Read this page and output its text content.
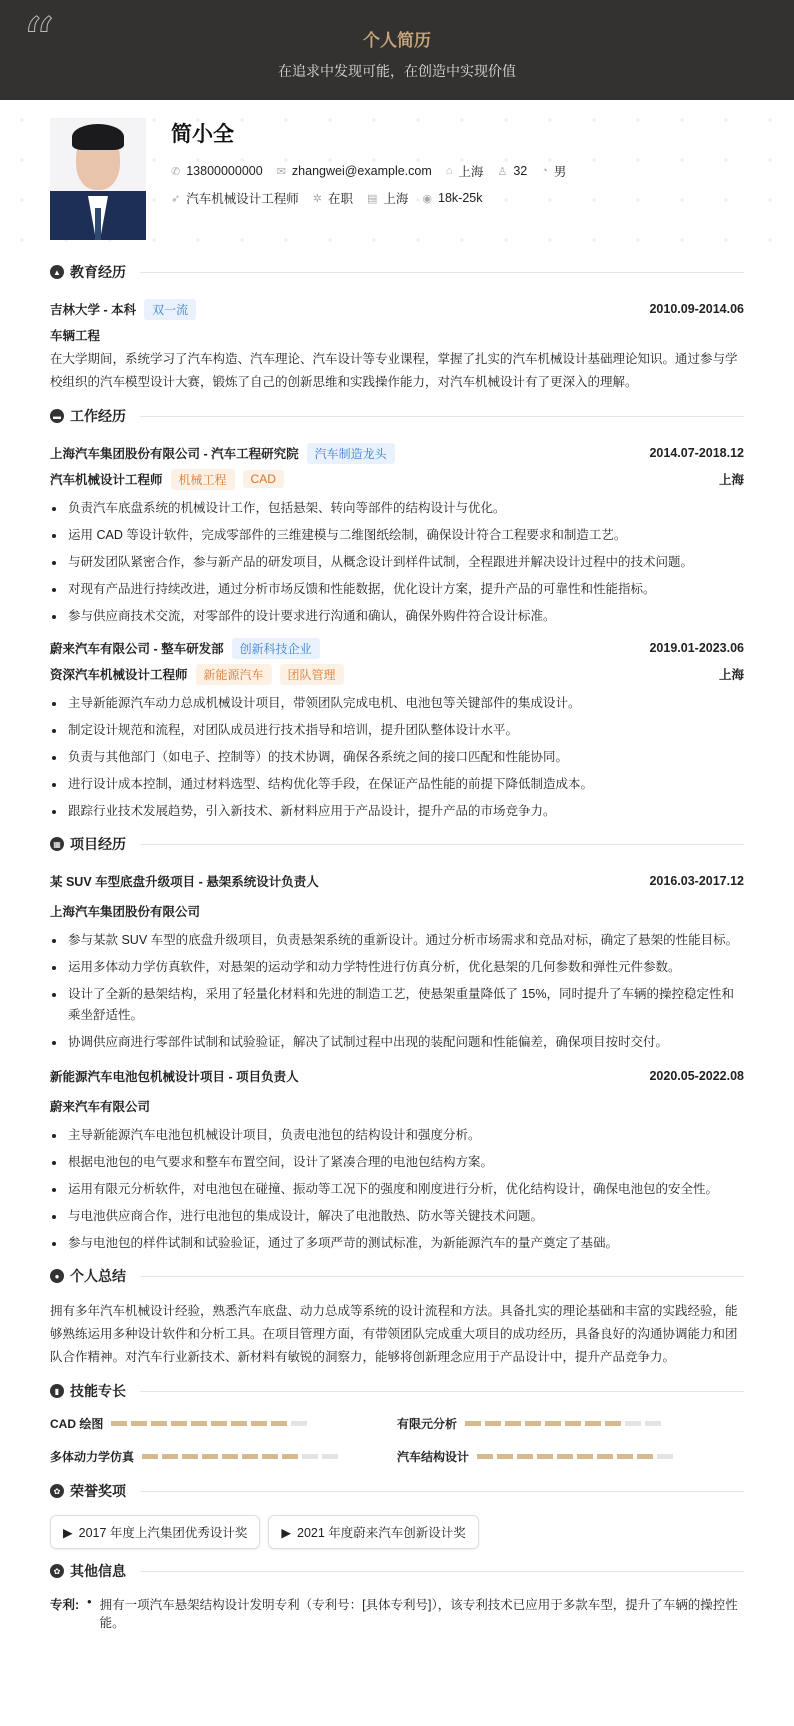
“	个人简历
在追求中发现可能，在创造中实现价值
简小全
✆ 13800000000 ✉ zhangwei@example.com ⌂ 上海 ♙ 32 ◔ 男
➶ 汽车机械设计工程师 ✲ 在职 ▤ 上海 ◉ 18k-25k
▲ 教育经历
吉林大学 - 本科	双一流	2010.09-2014.06
车辆工程
在大学期间，系统学习了汽车构造、汽车理论、汽车设计等专业课程，掌握了扎实的汽车机械设计基础理论知识。通过参与学校组织的汽车模型设计大赛，锻炼了自己的创新思维和实践操作能力，对汽车机械设计有了更深入的理解。
▬ 工作经历
上海汽车集团股份有限公司 - 汽车工程研究院	汽车制造龙头	2014.07-2018.12
汽车机械设计工程师	机械工程	CAD	上海
负责汽车底盘系统的机械设计工作，包括悬架、转向等部件的结构设计与优化。
运用 CAD 等设计软件，完成零部件的三维建模与二维图纸绘制，确保设计符合工程要求和制造工艺。
与研发团队紧密合作，参与新产品的研发项目，从概念设计到样件试制，全程跟进并解决设计过程中的技术问题。
对现有产品进行持续改进，通过分析市场反馈和性能数据，优化设计方案，提升产品的可靠性和性能指标。
参与供应商技术交流，对零部件的设计要求进行沟通和确认，确保外购件符合设计标准。
蔚来汽车有限公司 - 整车研发部	创新科技企业	2019.01-2023.06
资深汽车机械设计工程师	新能源汽车	团队管理	上海
主导新能源汽车动力总成机械设计项目，带领团队完成电机、电池包等关键部件的集成设计。
制定设计规范和流程，对团队成员进行技术指导和培训，提升团队整体设计水平。
负责与其他部门（如电子、控制等）的技术协调，确保各系统之间的接口匹配和性能协同。
进行设计成本控制，通过材料选型、结构优化等手段，在保证产品性能的前提下降低制造成本。
跟踪行业技术发展趋势，引入新技术、新材料应用于产品设计，提升产品的市场竞争力。
▦ 项目经历
某 SUV 车型底盘升级项目 - 悬架系统设计负责人	2016.03-2017.12
上海汽车集团股份有限公司
参与某款 SUV 车型的底盘升级项目，负责悬架系统的重新设计。通过分析市场需求和竞品对标，确定了悬架的性能目标。
运用多体动力学仿真软件，对悬架的运动学和动力学特性进行仿真分析，优化悬架的几何参数和弹性元件参数。
设计了全新的悬架结构，采用了轻量化材料和先进的制造工艺，使悬架重量降低了 15%，同时提升了车辆的操控稳定性和乘坐舒适性。
协调供应商进行零部件试制和试验验证，解决了试制过程中出现的装配问题和性能偏差，确保项目按时交付。
新能源汽车电池包机械设计项目 - 项目负责人	2020.05-2022.08
蔚来汽车有限公司
主导新能源汽车电池包机械设计项目，负责电池包的结构设计和强度分析。
根据电池包的电气要求和整车布置空间，设计了紧凑合理的电池包结构方案。
运用有限元分析软件，对电池包在碰撞、振动等工况下的强度和刚度进行分析，优化结构设计，确保电池包的安全性。
与电池供应商合作，进行电池包的集成设计，解决了电池散热、防水等关键技术问题。
参与电池包的样件试制和试验验证，通过了多项严苛的测试标准，为新能源汽车的量产奠定了基础。
● 个人总结
拥有多年汽车机械设计经验，熟悉汽车底盘、动力总成等系统的设计流程和方法。具备扎实的理论基础和丰富的实践经验，能够熟练运用多种设计软件和分析工具。在项目管理方面，有带领团队完成重大项目的成功经历，具备良好的沟通协调能力和团队合作精神。对汽车行业新技术、新材料有敏锐的洞察力，能够将创新理念应用于产品设计中，提升产品竞争力。
▮ 技能专长
CAD 绘图	有限元分析
多体动力学仿真	汽车结构设计
✿ 荣誉奖项
▶ 2017 年度上汽集团优秀设计奖	▶ 2021 年度蔚来汽车创新设计奖
✿ 其他信息
专利: • 拥有一项汽车悬架结构设计发明专利（专利号：[具体专利号]），该专利技术已应用于多款车型，提升了车辆的操控性能。
